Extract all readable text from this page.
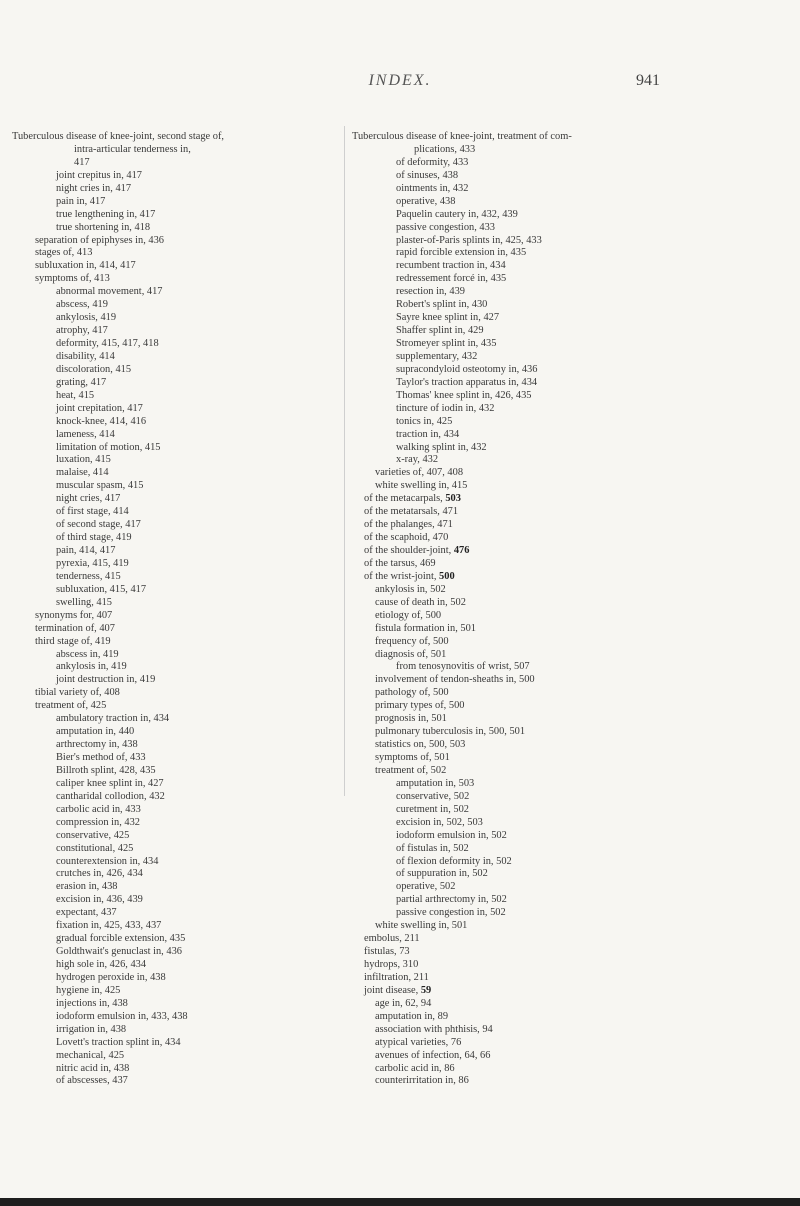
INDEX.	941
Tuberculous disease of knee-joint, second stage of,
intra-articular tenderness in,
417
joint crepitus in, 417
night cries in, 417
pain in, 417
true lengthening in, 417
true shortening in, 418
separation of epiphyses in, 436
stages of, 413
subluxation in, 414, 417
symptoms of, 413
abnormal movement, 417
abscess, 419
ankylosis, 419
atrophy, 417
deformity, 415, 417, 418
disability, 414
discoloration, 415
grating, 417
heat, 415
joint crepitation, 417
knock-knee, 414, 416
lameness, 414
limitation of motion, 415
luxation, 415
malaise, 414
muscular spasm, 415
night cries, 417
of first stage, 414
of second stage, 417
of third stage, 419
pain, 414, 417
pyrexia, 415, 419
tenderness, 415
subluxation, 415, 417
swelling, 415
synonyms for, 407
termination of, 407
third stage of, 419
abscess in, 419
ankylosis in, 419
joint destruction in, 419
tibial variety of, 408
treatment of, 425
ambulatory traction in, 434
amputation in, 440
arthrectomy in, 438
Bier's method of, 433
Billroth splint, 428, 435
caliper knee splint in, 427
cantharidal collodion, 432
carbolic acid in, 433
compression in, 432
conservative, 425
constitutional, 425
counterextension in, 434
crutches in, 426, 434
erasion in, 438
excision in, 436, 439
expectant, 437
fixation in, 425, 433, 437
gradual forcible extension, 435
Goldthwait's genuclast in, 436
high sole in, 426, 434
hydrogen peroxide in, 438
hygiene in, 425
injections in, 438
iodoform emulsion in, 433, 438
irrigation in, 438
Lovett's traction splint in, 434
mechanical, 425
nitric acid in, 438
of abscesses, 437
Tuberculous disease of knee-joint, treatment of com-
plications, 433
of deformity, 433
of sinuses, 438
ointments in, 432
operative, 438
Paquelin cautery in, 432, 439
passive congestion, 433
plaster-of-Paris splints in, 425, 433
rapid forcible extension in, 435
recumbent traction in, 434
redressement forcé in, 435
resection in, 439
Robert's splint in, 430
Sayre knee splint in, 427
Shaffer splint in, 429
Stromeyer splint in, 435
supplementary, 432
supracondyloid osteotomy in, 436
Taylor's traction apparatus in, 434
Thomas' knee splint in, 426, 435
tincture of iodin in, 432
tonics in, 425
traction in, 434
walking splint in, 432
x-ray, 432
varieties of, 407, 408
white swelling in, 415
of the metacarpals, 503
of the metatarsals, 471
of the phalanges, 471
of the scaphoid, 470
of the shoulder-joint, 476
of the tarsus, 469
of the wrist-joint, 500
ankylosis in, 502
cause of death in, 502
etiology of, 500
fistula formation in, 501
frequency of, 500
diagnosis of, 501
from tenosynovitis of wrist, 507
involvement of tendon-sheaths in, 500
pathology of, 500
primary types of, 500
prognosis in, 501
pulmonary tuberculosis in, 500, 501
statistics on, 500, 503
symptoms of, 501
treatment of, 502
amputation in, 503
conservative, 502
curetment in, 502
excision in, 502, 503
iodoform emulsion in, 502
of fistulas in, 502
of flexion deformity in, 502
of suppuration in, 502
operative, 502
partial arthrectomy in, 502
passive congestion in, 502
white swelling in, 501
embolus, 211
fistulas, 73
hydrops, 310
infiltration, 211
joint disease, 59
age in, 62, 94
amputation in, 89
association with phthisis, 94
atypical varieties, 76
avenues of infection, 64, 66
carbolic acid in, 86
counterirritation in, 86
